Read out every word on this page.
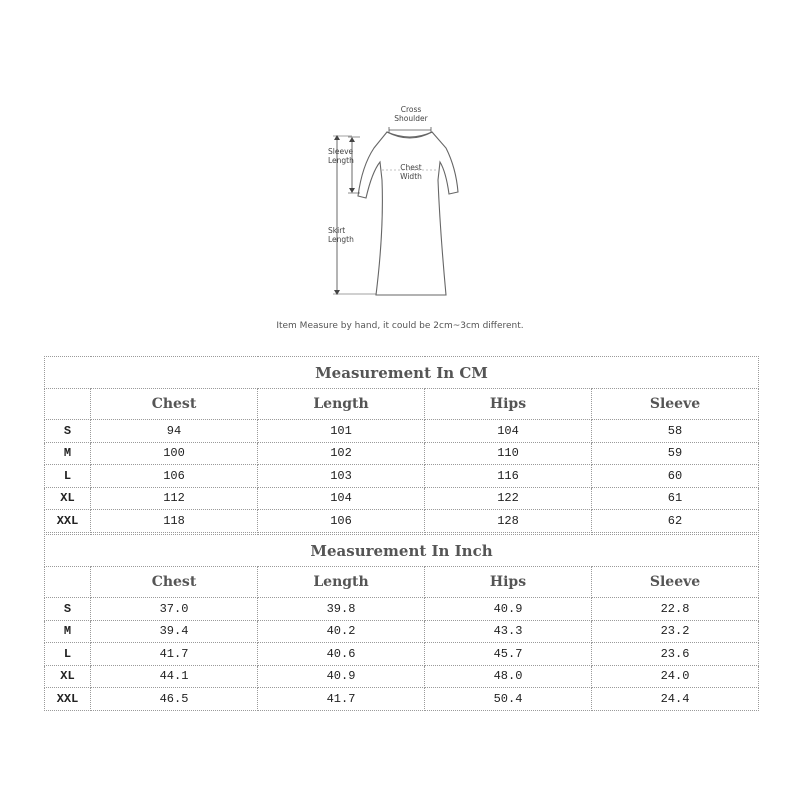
Cross
Shoulder
Sleeve
Length
Chest
Width
Skirt
Length
Item Measure by hand, it could be 2cm~3cm different.
Measurement In CM				
	Chest	Length	Hips	Sleeve
S	94	101	104	58
M	100	102	110	59
L	106	103	116	60
XL	112	104	122	61
XXL	118	106	128	62
Measurement In Inch				
	Chest	Length	Hips	Sleeve
S	37.0	39.8	40.9	22.8
M	39.4	40.2	43.3	23.2
L	41.7	40.6	45.7	23.6
XL	44.1	40.9	48.0	24.0
XXL	46.5	41.7	50.4	24.4
